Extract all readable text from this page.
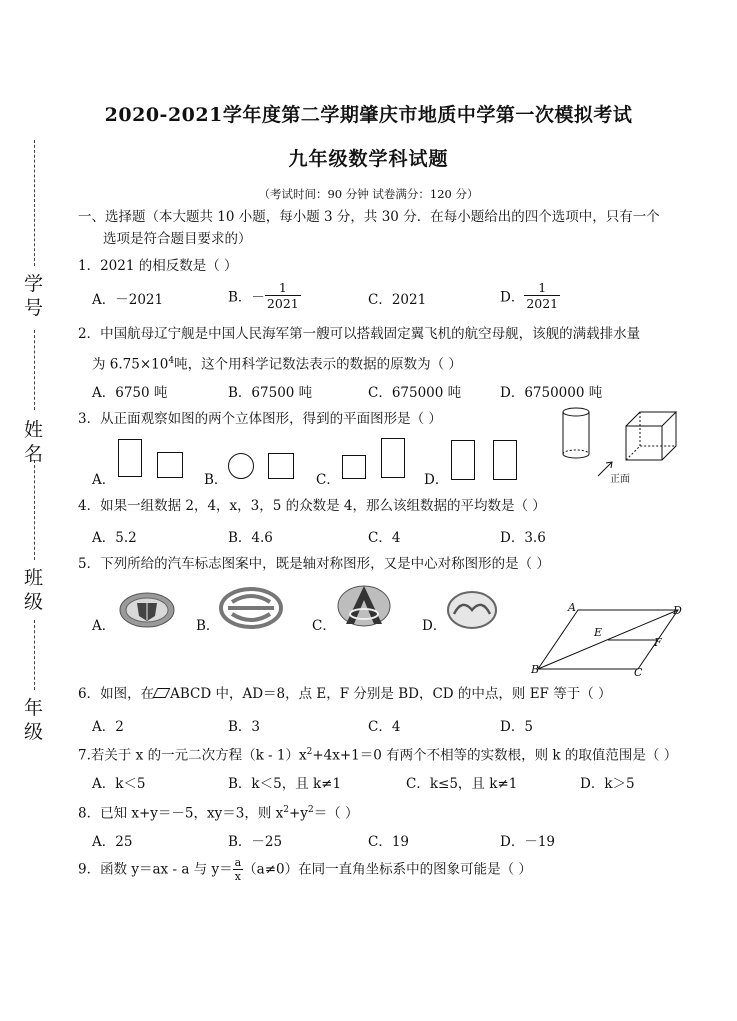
学号
姓名
班级
年级
2020-2021学年度第二学期肇庆市地质中学第一次模拟考试
九年级数学科试题
（考试时间：90 分钟 试卷满分：120 分）
一、选择题（本大题共 10 小题，每小题 3 分，共 30 分．在每小题给出的四个选项中，只有一个
选项是符合题目要求的）
1．2021 的相反数是（ ）
A．－2021	B．－ $\frac{1}{2021}$	C．2021	D． $\frac{1}{2021}$
2．中国航母辽宁舰是中国人民海军第一艘可以搭载固定翼飞机的航空母舰，该舰的满载排水量
为 $6.75\times 10^4$吨，这个用科学记数法表示的数据的原数为（ ）
A．6750 吨	B．67500 吨	C．675000 吨	D．6750000 吨
3．从正面观察如图的两个立体图形，得到的平面图形是（ ）
A．	B．	C．	D．	正面
4．如果一组数据 2，4，x，3，5 的众数是 4，那么该组数据的平均数是（ ）
A．5.2	B．4.6	C．4	D．3.6
5．下列所给的汽车标志图案中，既是轴对称图形，又是中心对称图形的是（ ）
A．	B．	C．	D．
A	D
E
F
B	C
6．如图，在 ABCD 中，AD＝8，点 E，F 分别是 BD，CD 的中点，则 EF 等于（ ）
A．2	B．3	C．4	D．5
7.若关于 x 的一元二次方程$(k - 1)x^2+4x+1=0$ 有两个不相等的实数根，则 k 的取值范围是（ ）
A．k＜5	B．k＜5，且 k≠1	C．k≤5，且 k≠1	D．k＞5
8．已知 x+y＝－5，xy＝3，则 $x^2+y^2=$（ ）
A．25	B．－25	C．19	D．－19
9．函数 y＝ax - a 与 $y= \frac{a}{x} (a\ne 0)$在同一直角坐标系中的图象可能是（ ）
